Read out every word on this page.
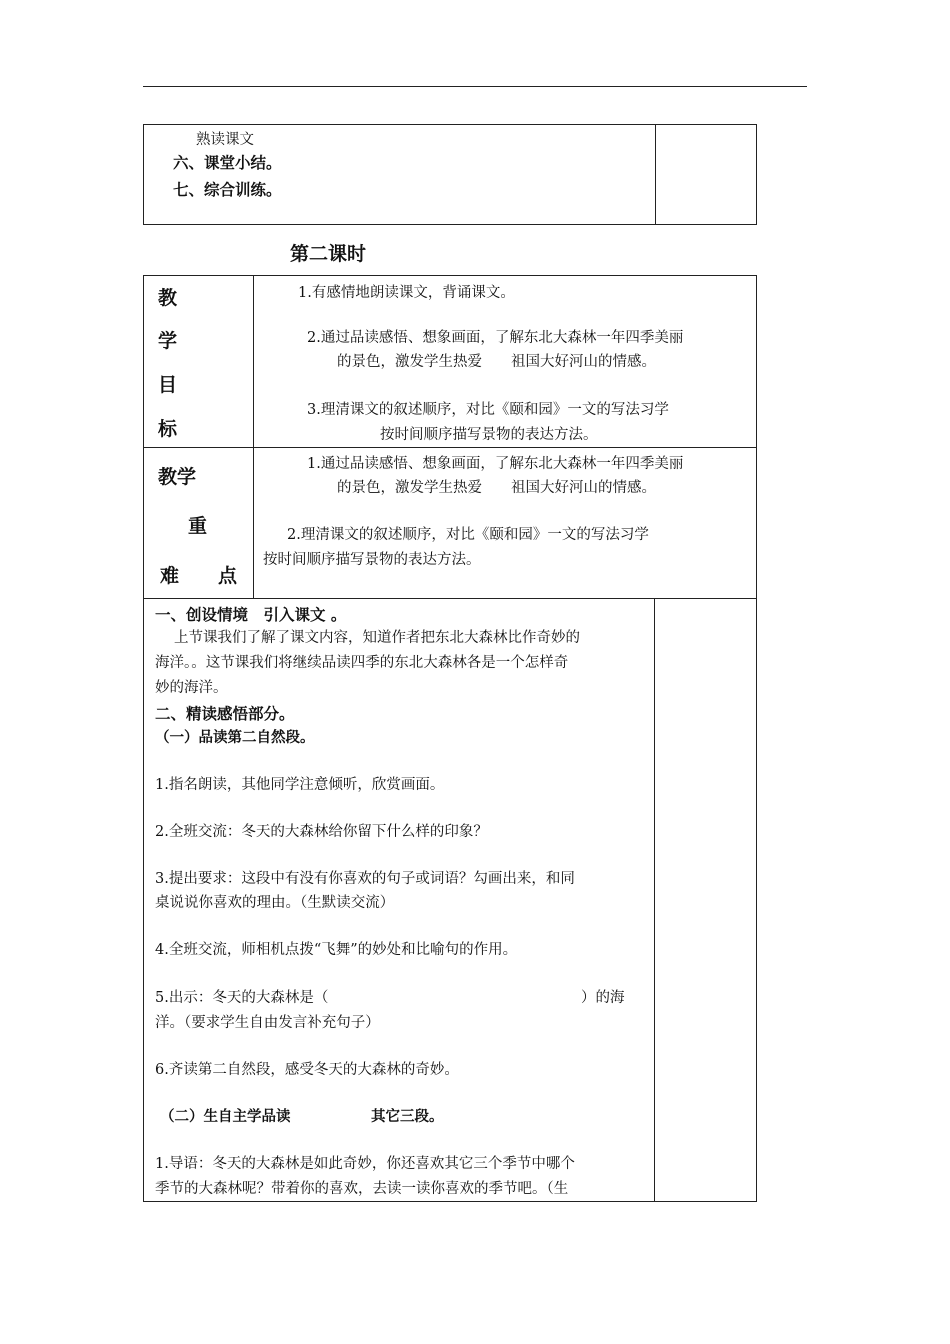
熟读课文
六、课堂小结。
七、综合训练。
第二课时
教
学
目
标
1.有感情地朗读课文，背诵课文。
2.通过品读感悟、想象画面，了解东北大森林一年四季美丽
的景色，激发学生热爱　　祖国大好河山的情感。
3.理清课文的叙述顺序，对比《颐和园》一文的写法习学
按时间顺序描写景物的表达方法。
教学
重
难 点
1.通过品读感悟、想象画面，了解东北大森林一年四季美丽
的景色，激发学生热爱　　祖国大好河山的情感。
2.理清课文的叙述顺序，对比《颐和园》一文的写法习学
按时间顺序描写景物的表达方法。
一、创设情境　引入课文 。
上节课我们了解了课文内容，知道作者把东北大森林比作奇妙的
海洋。。这节课我们将继续品读四季的东北大森林各是一个怎样奇
妙的海洋。
二、精读感悟部分。
（一）品读第二自然段。
1.指名朗读，其他同学注意倾听，欣赏画面。
2.全班交流：冬天的大森林给你留下什么样的印象？
3.提出要求：这段中有没有你喜欢的句子或词语？勾画出来，和同
桌说说你喜欢的理由。（生默读交流）
4.全班交流，师相机点拨“飞舞”的妙处和比喻句的作用。
5.出示：冬天的大森林是（	）的海
洋。（要求学生自由发言补充句子）
6.齐读第二自然段，感受冬天的大森林的奇妙。
（二）生自主学品读	其它三段。
1.导语：冬天的大森林是如此奇妙，你还喜欢其它三个季节中哪个
季节的大森林呢？带着你的喜欢，去读一读你喜欢的季节吧。（生
